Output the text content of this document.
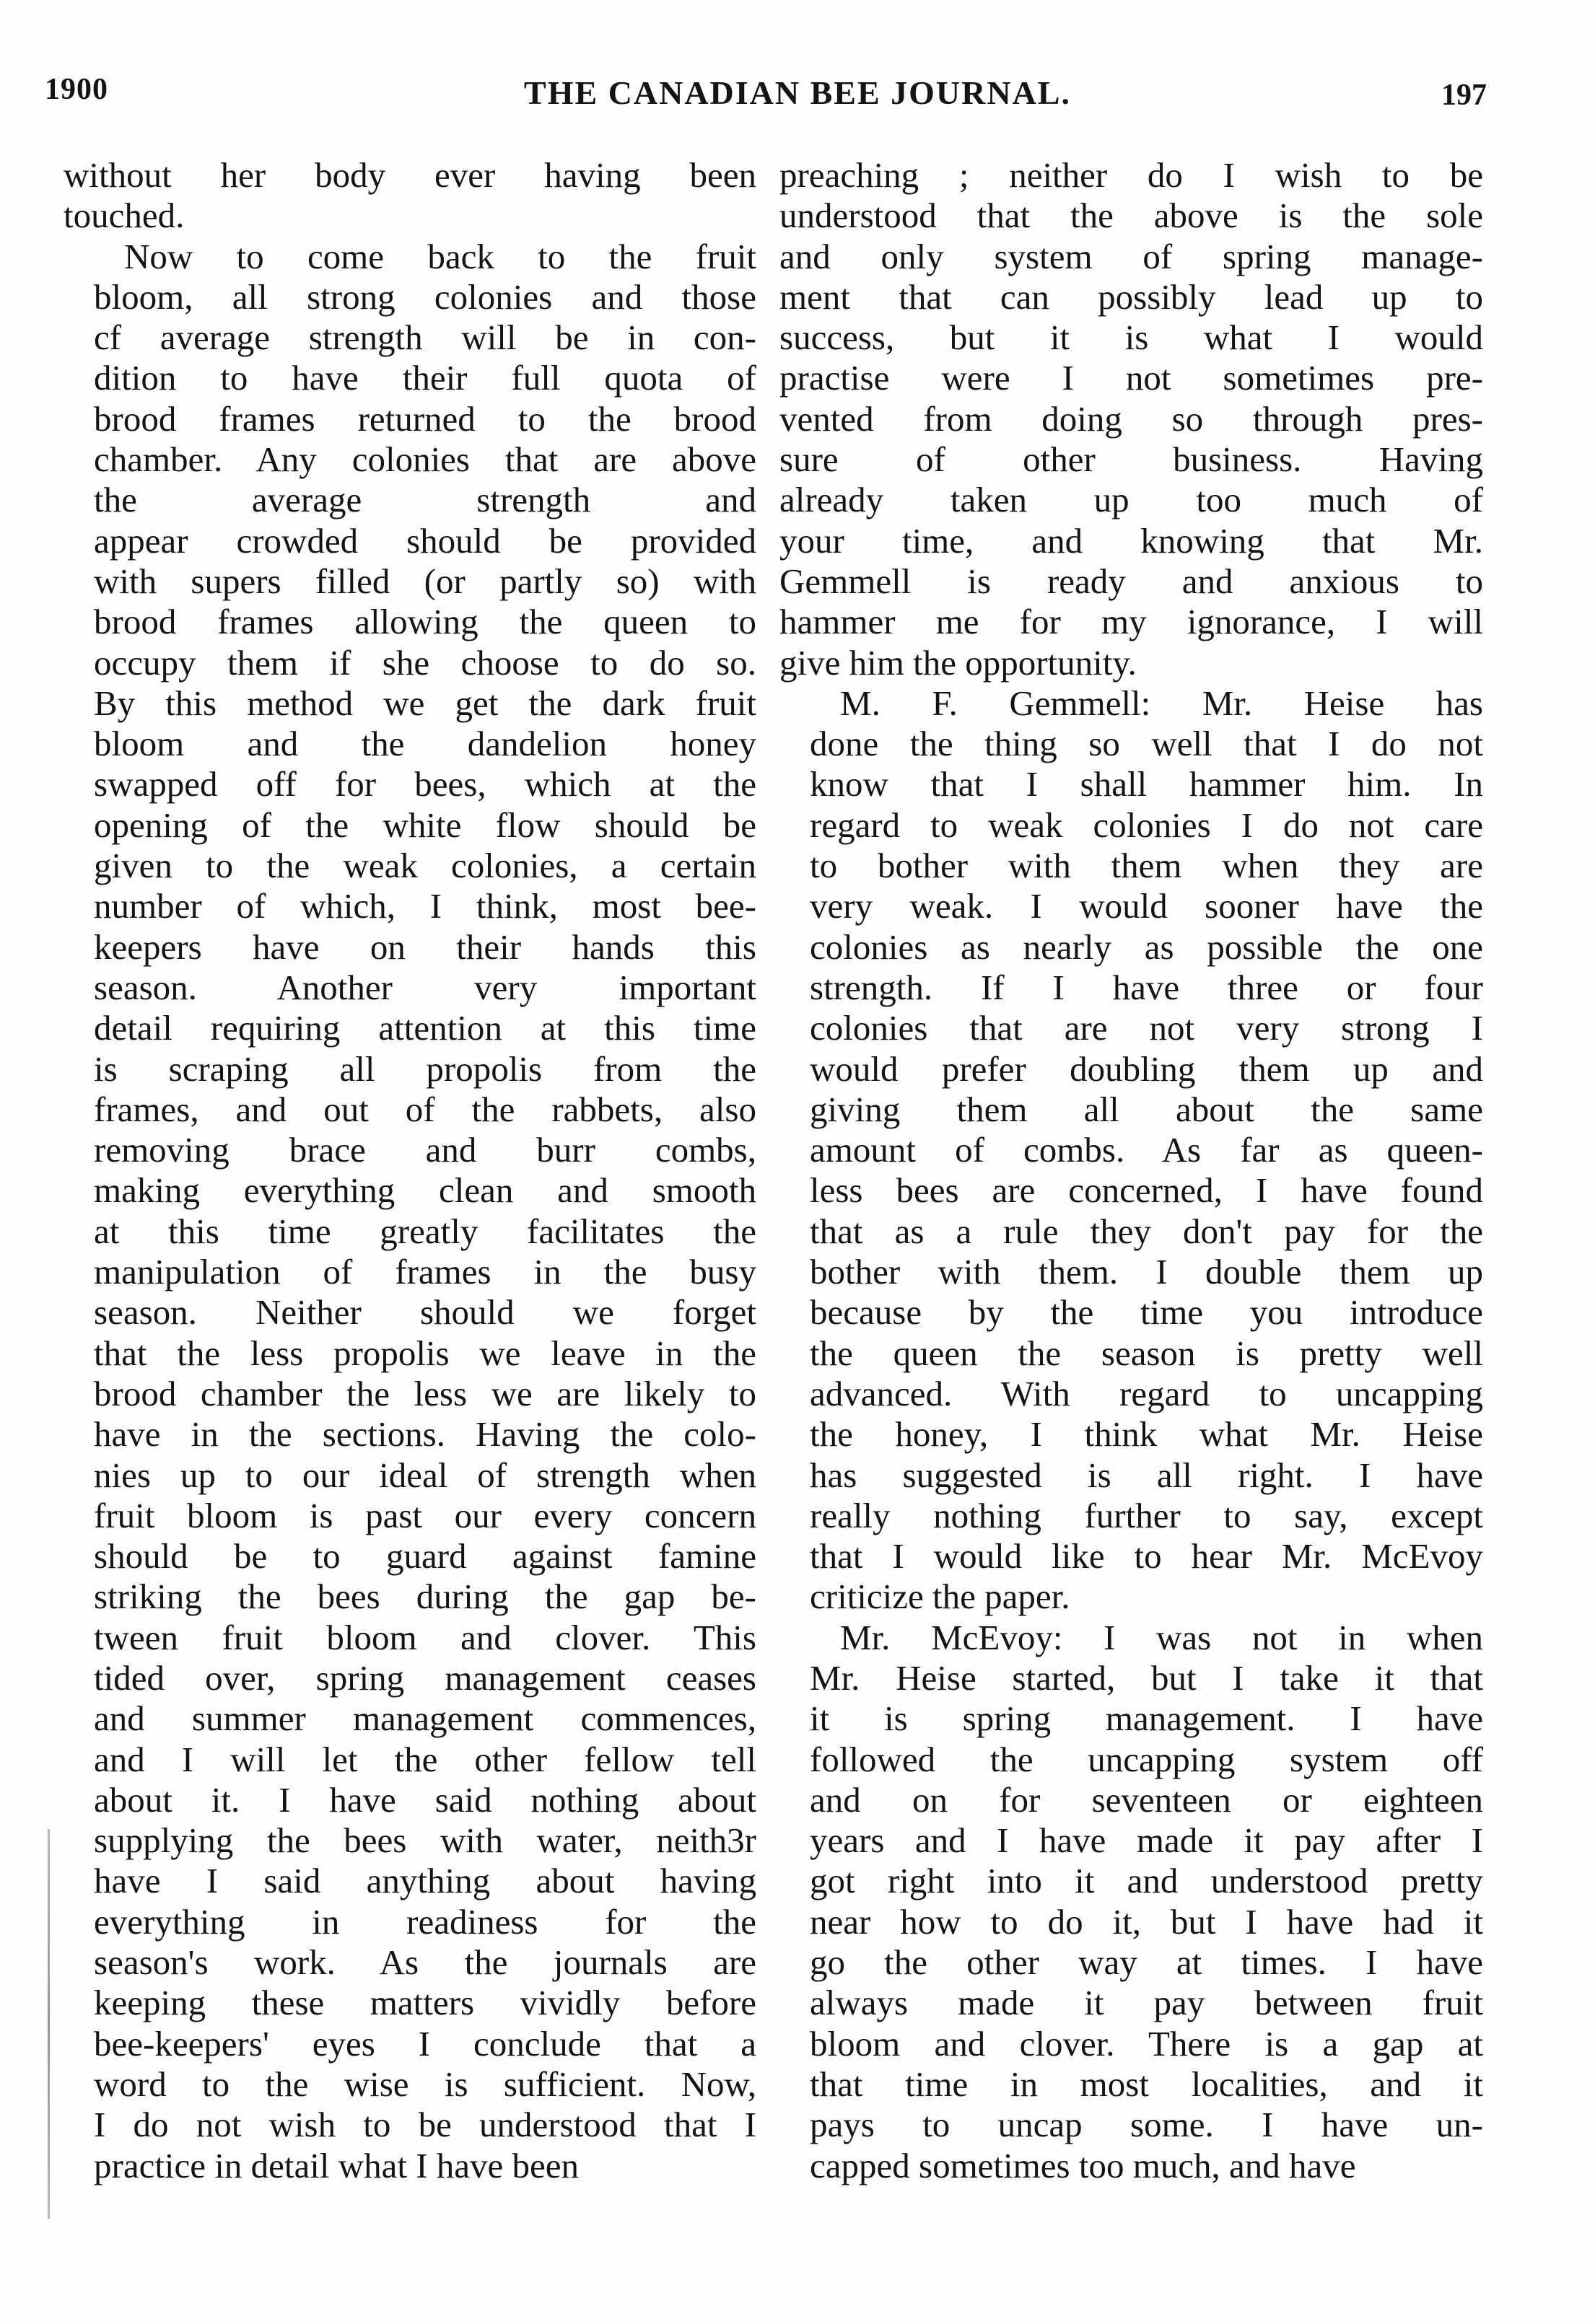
1900	THE CANADIAN BEE JOURNAL.	197

without her body ever having been
touched.

Now to come back to the fruit
bloom, all strong colonies and those
cf average strength will be in con-
dition to have their full quota of
brood frames returned to the brood
chamber. Any colonies that are above
the average strength and
appear crowded should be provided
with supers filled (or partly so) with
brood frames allowing the queen to
occupy them if she choose to do so.
By this method we get the dark fruit
bloom and the dandelion honey
swapped off for bees, which at the
opening of the white flow should be
given to the weak colonies, a certain
number of which, I think, most bee-
keepers have on their hands this
season. Another very important
detail requiring attention at this time
is scraping all propolis from the
frames, and out of the rabbets, also
removing brace and burr combs,
making everything clean and smooth
at this time greatly facilitates the
manipulation of frames in the busy
season. Neither should we forget
that the less propolis we leave in the
brood chamber the less we are likely to
have in the sections. Having the colo-
nies up to our ideal of strength when
fruit bloom is past our every concern
should be to guard against famine
striking the bees during the gap be-
tween fruit bloom and clover. This
tided over, spring management ceases
and summer management commences,
and I will let the other fellow tell
about it. I have said nothing about
supplying the bees with water, neith3r
have I said anything about having
everything in readiness for the
season's work. As the journals are
keeping these matters vividly before
bee-keepers' eyes I conclude that a
word to the wise is sufficient. Now,
I do not wish to be understood that I
practice in detail what I have been

preaching ; neither do I wish to be
understood that the above is the sole
and only system of spring manage-
ment that can possibly lead up to
success, but it is what I would
practise were I not sometimes pre-
vented from doing so through pres-
sure of other business. Having
already taken up too much of
your time, and knowing that Mr.
Gemmell is ready and anxious to
hammer me for my ignorance, I will
give him the opportunity.

M. F. Gemmell: Mr. Heise has
done the thing so well that I do not
know that I shall hammer him. In
regard to weak colonies I do not care
to bother with them when they are
very weak. I would sooner have the
colonies as nearly as possible the one
strength. If I have three or four
colonies that are not very strong I
would prefer doubling them up and
giving them all about the same
amount of combs. As far as queen-
less bees are concerned, I have found
that as a rule they don't pay for the
bother with them. I double them up
because by the time you introduce
the queen the season is pretty well
advanced. With regard to uncapping
the honey, I think what Mr. Heise
has suggested is all right. I have
really nothing further to say, except
that I would like to hear Mr. McEvoy
criticize the paper.

Mr. McEvoy: I was not in when
Mr. Heise started, but I take it that
it is spring management. I have
followed the uncapping system off
and on for seventeen or eighteen
years and I have made it pay after I
got right into it and understood pretty
near how to do it, but I have had it
go the other way at times. I have
always made it pay between fruit
bloom and clover. There is a gap at
that time in most localities, and it
pays to uncap some. I have un-
capped sometimes too much, and have
